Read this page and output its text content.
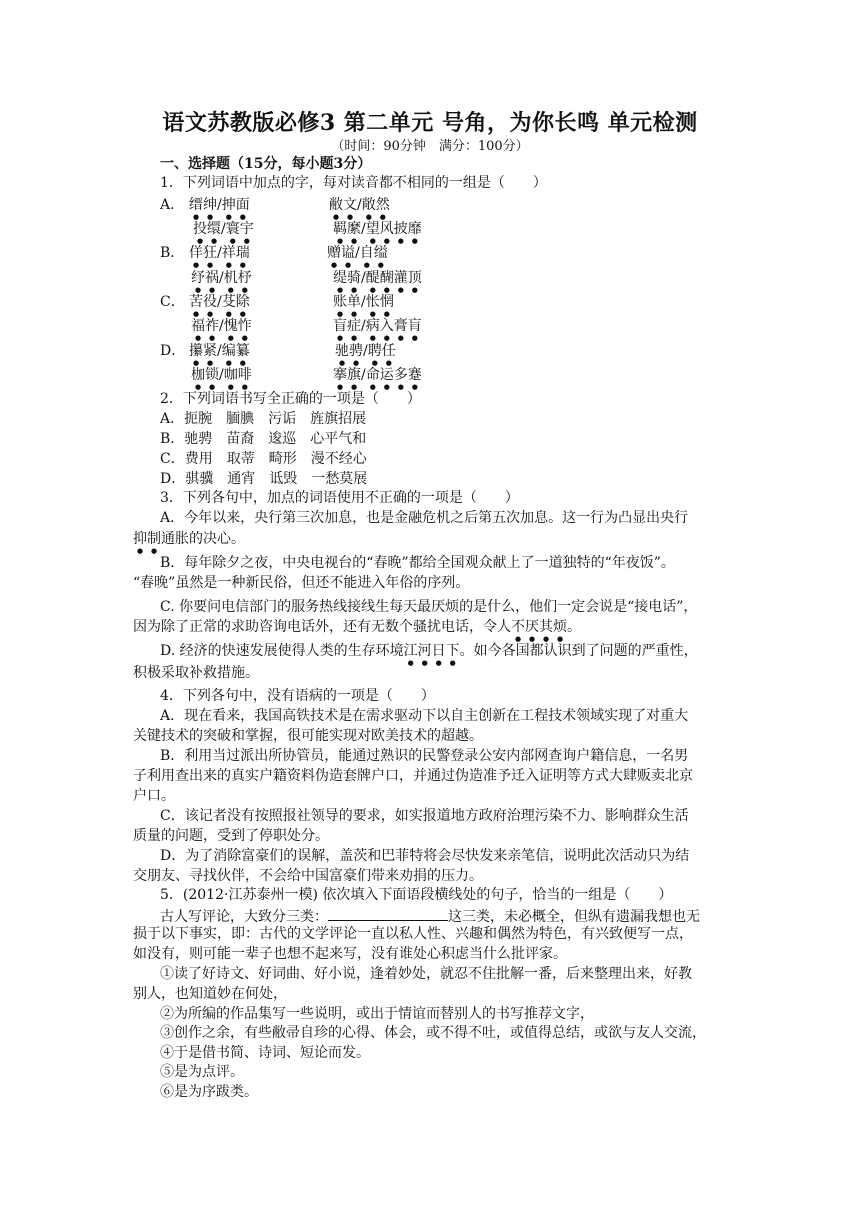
语文苏教版必修3 第二单元 号角，为你长鸣 单元检测
（时间：90分钟　满分：100分）
一、选择题（15分，每小题3分）
1．下列词语中加点的字，每对读音都不相同的一组是（　　）
A． 缙绅/抻面	敝文/敞然
投缳/寰宇	羁縻/望风披靡
B． 佯狂/祥瑞	赠谥/自缢
纾祸/机杼	缇骑/醍醐灌顶
C． 苦役/芟除	账单/怅惘
福祚/愧怍	盲症/病入膏肓
D． 攥紧/编纂	驰骋/聘任
枷锁/咖啡	搴旗/命运多蹇
2．下列词语书写全正确的一项是（　　）
A．扼腕　腼腆　污诟　旌旗招展
B．驰骋　苗裔　逡巡　心平气和
C．费用　取蒂　畸形　漫不经心
D．骐骥　通宵　诋毁　一愁莫展
3．下列各句中，加点的词语使用不正确的一项是（　　）
A．今年以来，央行第三次加息，也是金融危机之后第五次加息。这一行为凸显出央行
抑制通胀的决心。
B．每年除夕之夜，中央电视台的“春晚”都给全国观众献上了一道独特的“年夜饭”。
“春晚”虽然是一种新民俗，但还不能进入年俗的序列。
C. 你要问电信部门的服务热线接线生每天最厌烦的是什么，他们一定会说是“接电话”，
因为除了正常的求助咨询电话外，还有无数个骚扰电话，令人不厌其烦。
D. 经济的快速发展使得人类的生存环境江河日下。如今各国都认识到了问题的严重性，
积极采取补救措施。
4．下列各句中，没有语病的一项是（　　）
A．现在看来，我国高铁技术是在需求驱动下以自主创新在工程技术领域实现了对重大
关键技术的突破和掌握，很可能实现对欧美技术的超越。
B．利用当过派出所协管员，能通过熟识的民警登录公安内部网查询户籍信息，一名男
子利用查出来的真实户籍资料伪造套牌户口，并通过伪造准予迁入证明等方式大肆贩卖北京
户口。
C．该记者没有按照报社领导的要求，如实报道地方政府治理污染不力、影响群众生活
质量的问题，受到了停职处分。
D．为了消除富豪们的误解，盖茨和巴菲特将会尽快发来亲笔信，说明此次活动只为结
交朋友、寻找伙伴，不会给中国富豪们带来劝捐的压力。
5．(2012·江苏泰州一模) 依次填入下面语段横线处的句子，恰当的一组是（　　）
古人写评论，大致分三类：	这三类，未必概全，但纵有遗漏我想也无
损于以下事实，即：古代的文学评论一直以私人性、兴趣和偶然为特色，有兴致便写一点，
如没有，则可能一辈子也想不起来写，没有谁处心积虑当什么批评家。
①读了好诗文、好词曲、好小说，逢着妙处，就忍不住批解一番，后来整理出来，好教
别人，也知道妙在何处，
②为所编的作品集写一些说明，或出于情谊而替别人的书写推荐文字，
③创作之余，有些敝帚自珍的心得、体会，或不得不吐，或值得总结，或欲与友人交流，
④于是借书简、诗词、短论而发。
⑤是为点评。
⑥是为序跋类。
